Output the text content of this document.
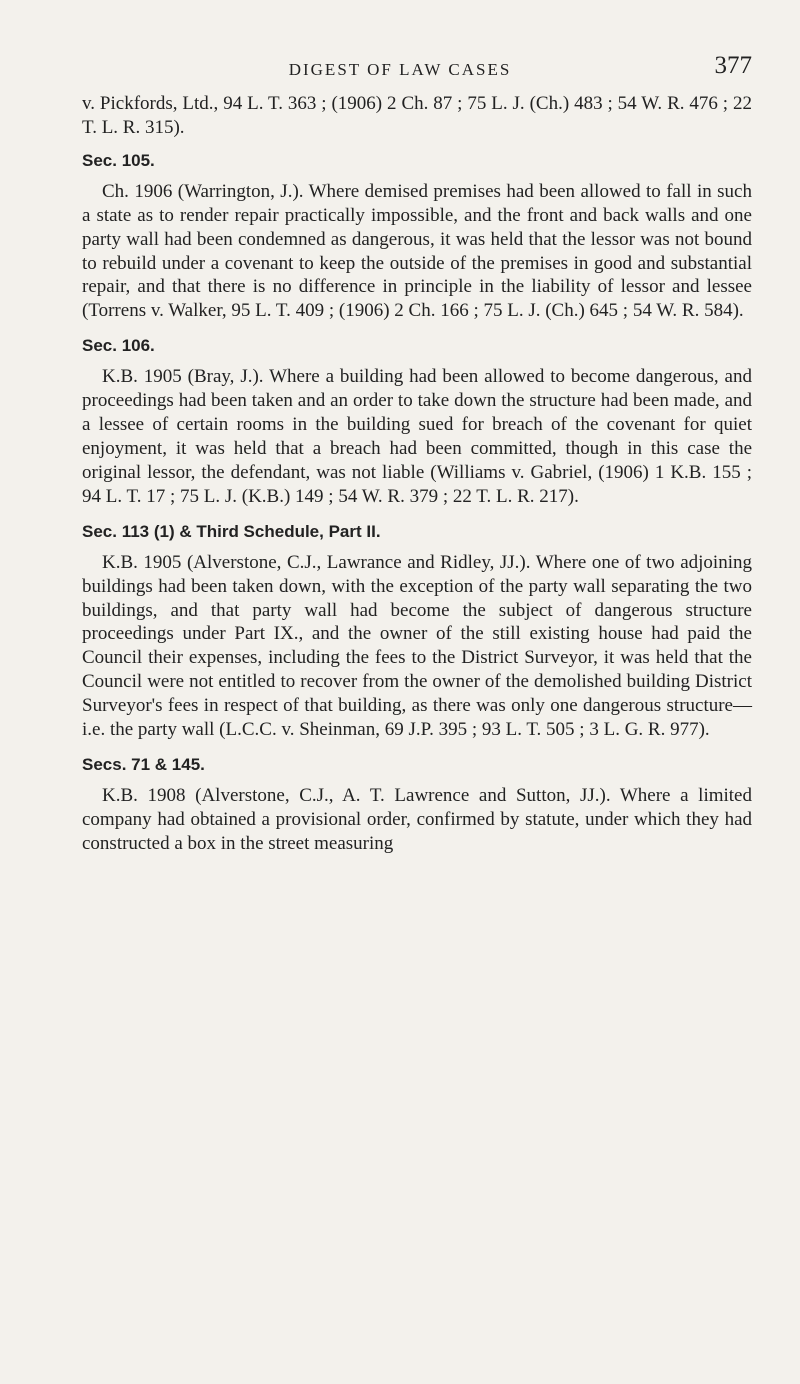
DIGEST OF LAW CASES	377

v. Pickfords, Ltd., 94 L. T. 363 ; (1906) 2 Ch. 87 ; 75 L. J. (Ch.) 483 ; 54 W. R. 476 ; 22 T. L. R. 315).

Sec. 105.

Ch. 1906 (Warrington, J.). Where demised premises had been allowed to fall in such a state as to render repair practically impossible, and the front and back walls and one party wall had been condemned as dangerous, it was held that the lessor was not bound to rebuild under a covenant to keep the outside of the premises in good and substantial repair, and that there is no difference in principle in the liability of lessor and lessee (Torrens v. Walker, 95 L. T. 409 ; (1906) 2 Ch. 166 ; 75 L. J. (Ch.) 645 ; 54 W. R. 584).

Sec. 106.

K.B. 1905 (Bray, J.). Where a building had been allowed to become dangerous, and proceedings had been taken and an order to take down the structure had been made, and a lessee of certain rooms in the building sued for breach of the covenant for quiet enjoyment, it was held that a breach had been committed, though in this case the original lessor, the defendant, was not liable (Williams v. Gabriel, (1906) 1 K.B. 155 ; 94 L. T. 17 ; 75 L. J. (K.B.) 149 ; 54 W. R. 379 ; 22 T. L. R. 217).

Sec. 113 (1) & Third Schedule, Part II.

K.B. 1905 (Alverstone, C.J., Lawrance and Ridley, JJ.). Where one of two adjoining buildings had been taken down, with the exception of the party wall separating the two buildings, and that party wall had become the subject of dangerous structure proceedings under Part IX., and the owner of the still existing house had paid the Council their expenses, including the fees to the District Surveyor, it was held that the Council were not entitled to recover from the owner of the demolished building District Surveyor's fees in respect of that building, as there was only one dangerous structure—i.e. the party wall (L.C.C. v. Sheinman, 69 J.P. 395 ; 93 L. T. 505 ; 3 L. G. R. 977).

Secs. 71 & 145.

K.B. 1908 (Alverstone, C.J., A. T. Lawrence and Sutton, JJ.). Where a limited company had obtained a provisional order, confirmed by statute, under which they had constructed a box in the street measuring
